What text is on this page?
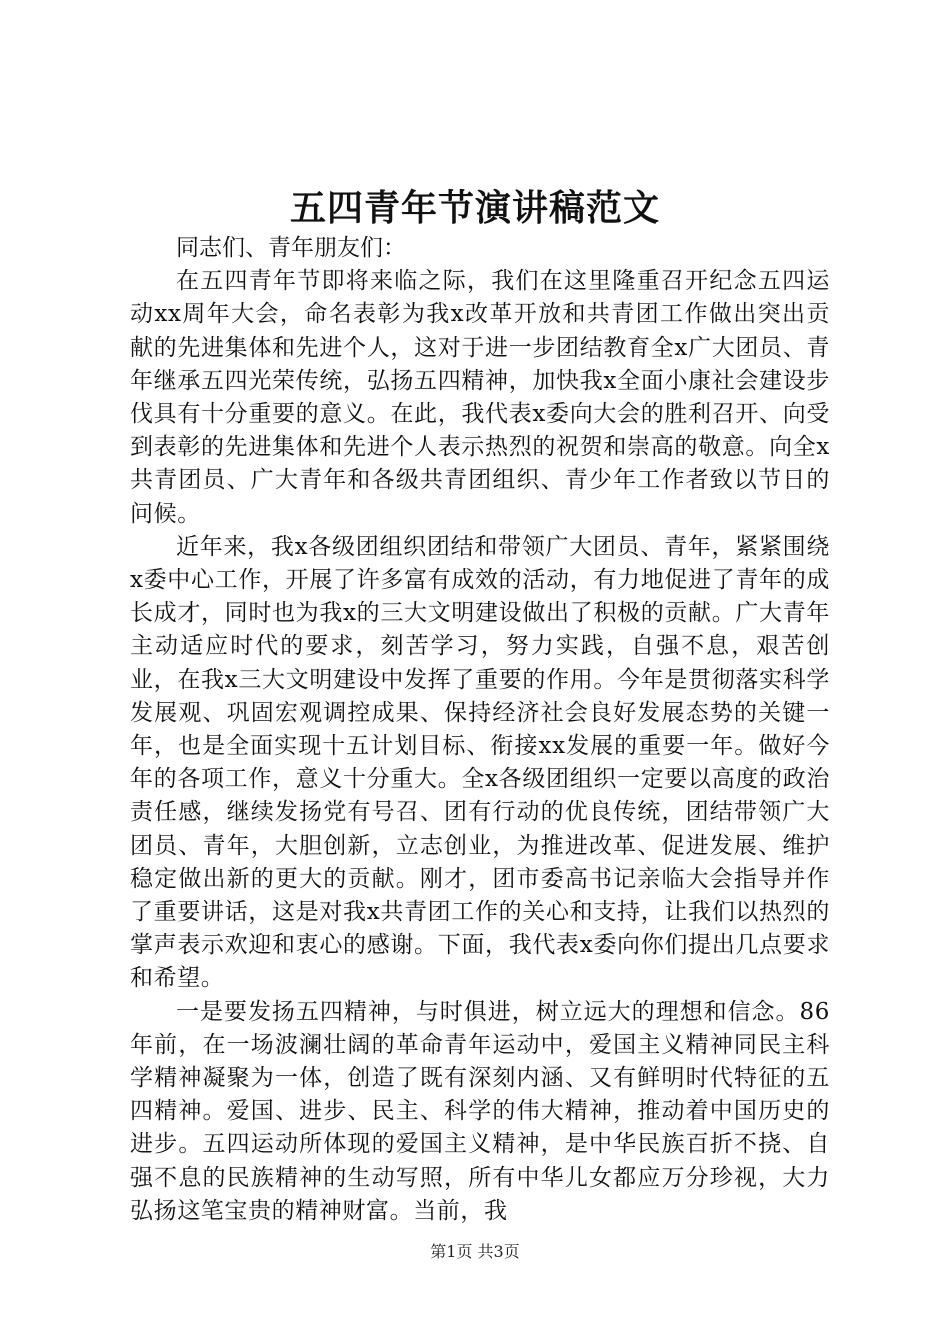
五四青年节演讲稿范文

同志们、青年朋友们：

在五四青年节即将来临之际，我们在这里隆重召开纪念五四运动xx周年大会，命名表彰为我x改革开放和共青团工作做出突出贡献的先进集体和先进个人，这对于进一步团结教育全x广大团员、青年继承五四光荣传统，弘扬五四精神，加快我x全面小康社会建设步伐具有十分重要的意义。在此，我代表x委向大会的胜利召开、向受到表彰的先进集体和先进个人表示热烈的祝贺和崇高的敬意。向全x共青团员、广大青年和各级共青团组织、青少年工作者致以节日的问候。

近年来，我x各级团组织团结和带领广大团员、青年，紧紧围绕x委中心工作，开展了许多富有成效的活动，有力地促进了青年的成长成才，同时也为我x的三大文明建设做出了积极的贡献。广大青年主动适应时代的要求，刻苦学习，努力实践，自强不息，艰苦创业，在我x三大文明建设中发挥了重要的作用。今年是贯彻落实科学发展观、巩固宏观调控成果、保持经济社会良好发展态势的关键一年，也是全面实现十五计划目标、衔接xx发展的重要一年。做好今年的各项工作，意义十分重大。全x各级团组织一定要以高度的政治责任感，继续发扬党有号召、团有行动的优良传统，团结带领广大团员、青年，大胆创新，立志创业，为推进改革、促进发展、维护稳定做出新的更大的贡献。刚才，团市委高书记亲临大会指导并作了重要讲话，这是对我x共青团工作的关心和支持，让我们以热烈的掌声表示欢迎和衷心的感谢。下面，我代表x委向你们提出几点要求和希望。

一是要发扬五四精神，与时俱进，树立远大的理想和信念。86年前，在一场波澜壮阔的革命青年运动中，爱国主义精神同民主科学精神凝聚为一体，创造了既有深刻内涵、又有鲜明时代特征的五四精神。爱国、进步、民主、科学的伟大精神，推动着中国历史的进步。五四运动所体现的爱国主义精神，是中华民族百折不挠、自强不息的民族精神的生动写照，所有中华儿女都应万分珍视，大力弘扬这笔宝贵的精神财富。当前，我

第1页 共3页
